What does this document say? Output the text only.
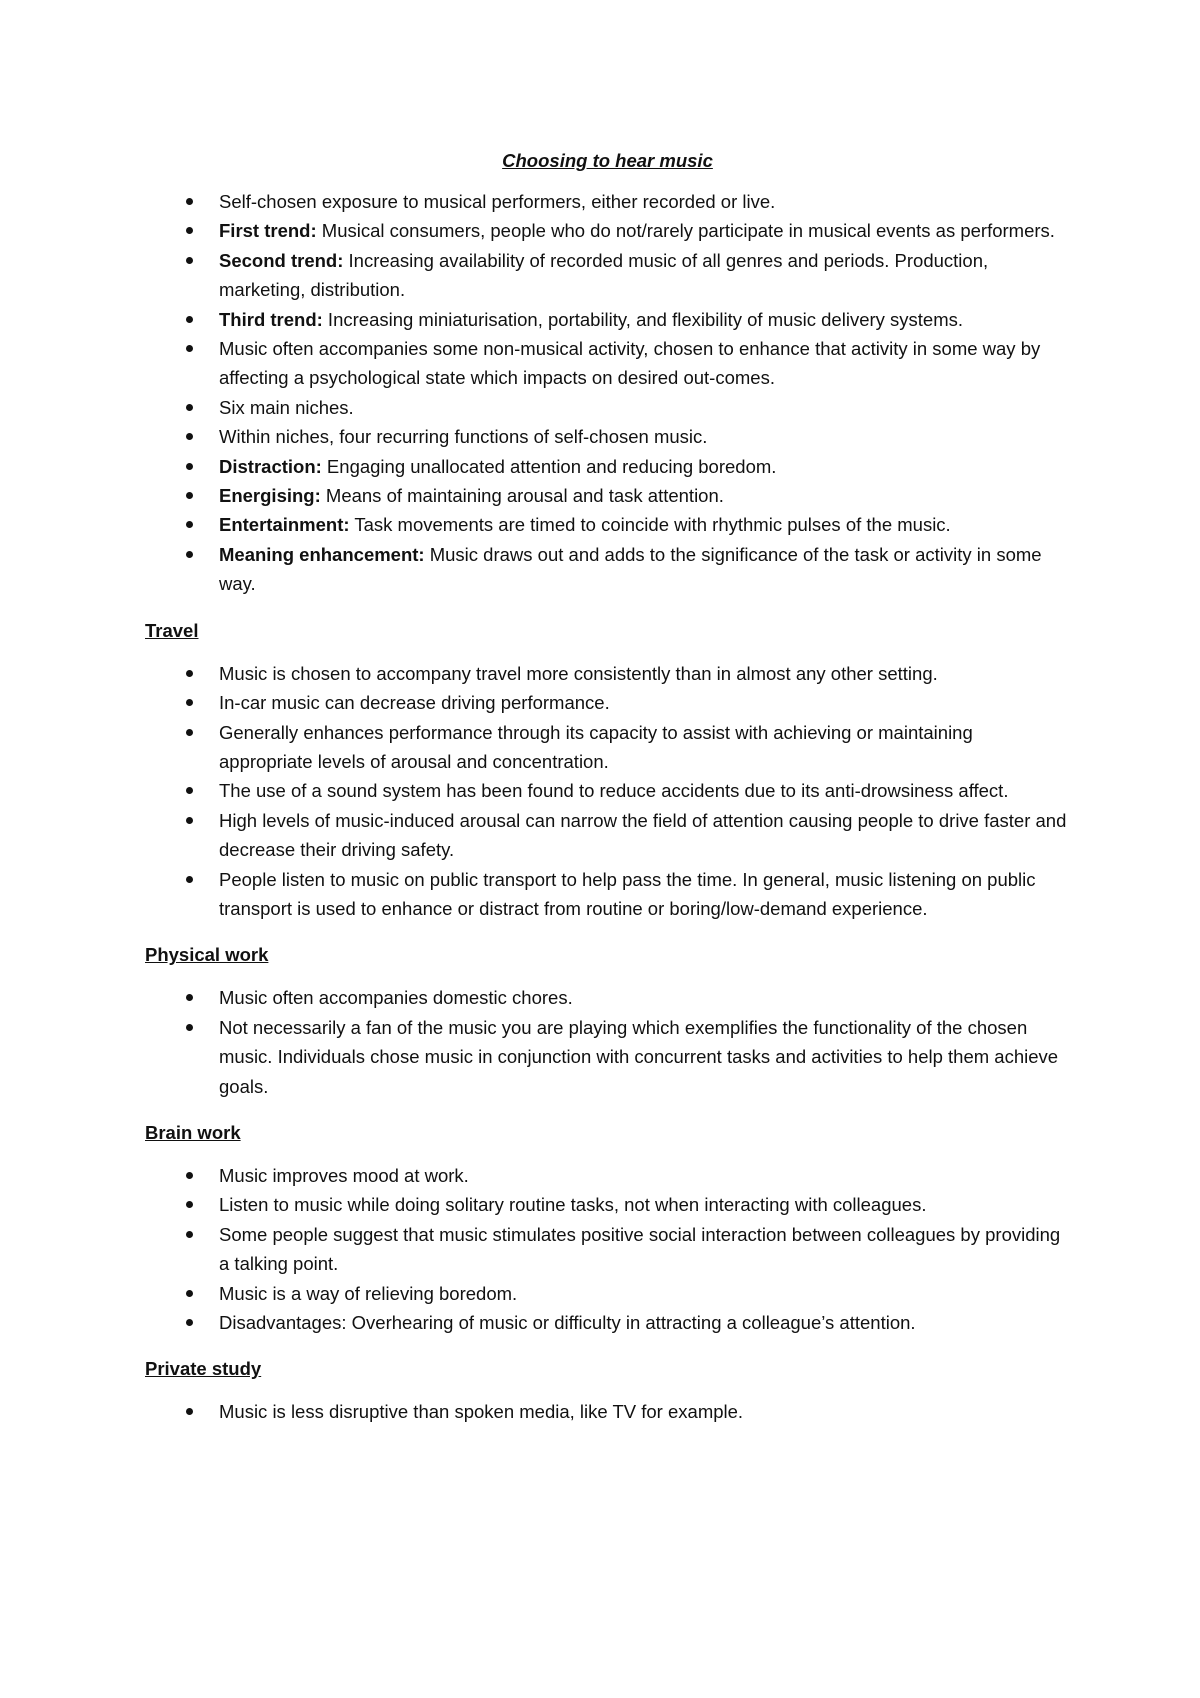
Choosing to hear music
Self-chosen exposure to musical performers, either recorded or live.
First trend: Musical consumers, people who do not/rarely participate in musical events as performers.
Second trend: Increasing availability of recorded music of all genres and periods. Production, marketing, distribution.
Third trend: Increasing miniaturisation, portability, and flexibility of music delivery systems.
Music often accompanies some non-musical activity, chosen to enhance that activity in some way by affecting a psychological state which impacts on desired out-comes.
Six main niches.
Within niches, four recurring functions of self-chosen music.
Distraction: Engaging unallocated attention and reducing boredom.
Energising: Means of maintaining arousal and task attention.
Entertainment: Task movements are timed to coincide with rhythmic pulses of the music.
Meaning enhancement: Music draws out and adds to the significance of the task or activity in some way.
Travel
Music is chosen to accompany travel more consistently than in almost any other setting.
In-car music can decrease driving performance.
Generally enhances performance through its capacity to assist with achieving or maintaining appropriate levels of arousal and concentration.
The use of a sound system has been found to reduce accidents due to its anti-drowsiness affect.
High levels of music-induced arousal can narrow the field of attention causing people to drive faster and decrease their driving safety.
People listen to music on public transport to help pass the time. In general, music listening on public transport is used to enhance or distract from routine or boring/low-demand experience.
Physical work
Music often accompanies domestic chores.
Not necessarily a fan of the music you are playing which exemplifies the functionality of the chosen music. Individuals chose music in conjunction with concurrent tasks and activities to help them achieve goals.
Brain work
Music improves mood at work.
Listen to music while doing solitary routine tasks, not when interacting with colleagues.
Some people suggest that music stimulates positive social interaction between colleagues by providing a talking point.
Music is a way of relieving boredom.
Disadvantages: Overhearing of music or difficulty in attracting a colleague’s attention.
Private study
Music is less disruptive than spoken media, like TV for example.
